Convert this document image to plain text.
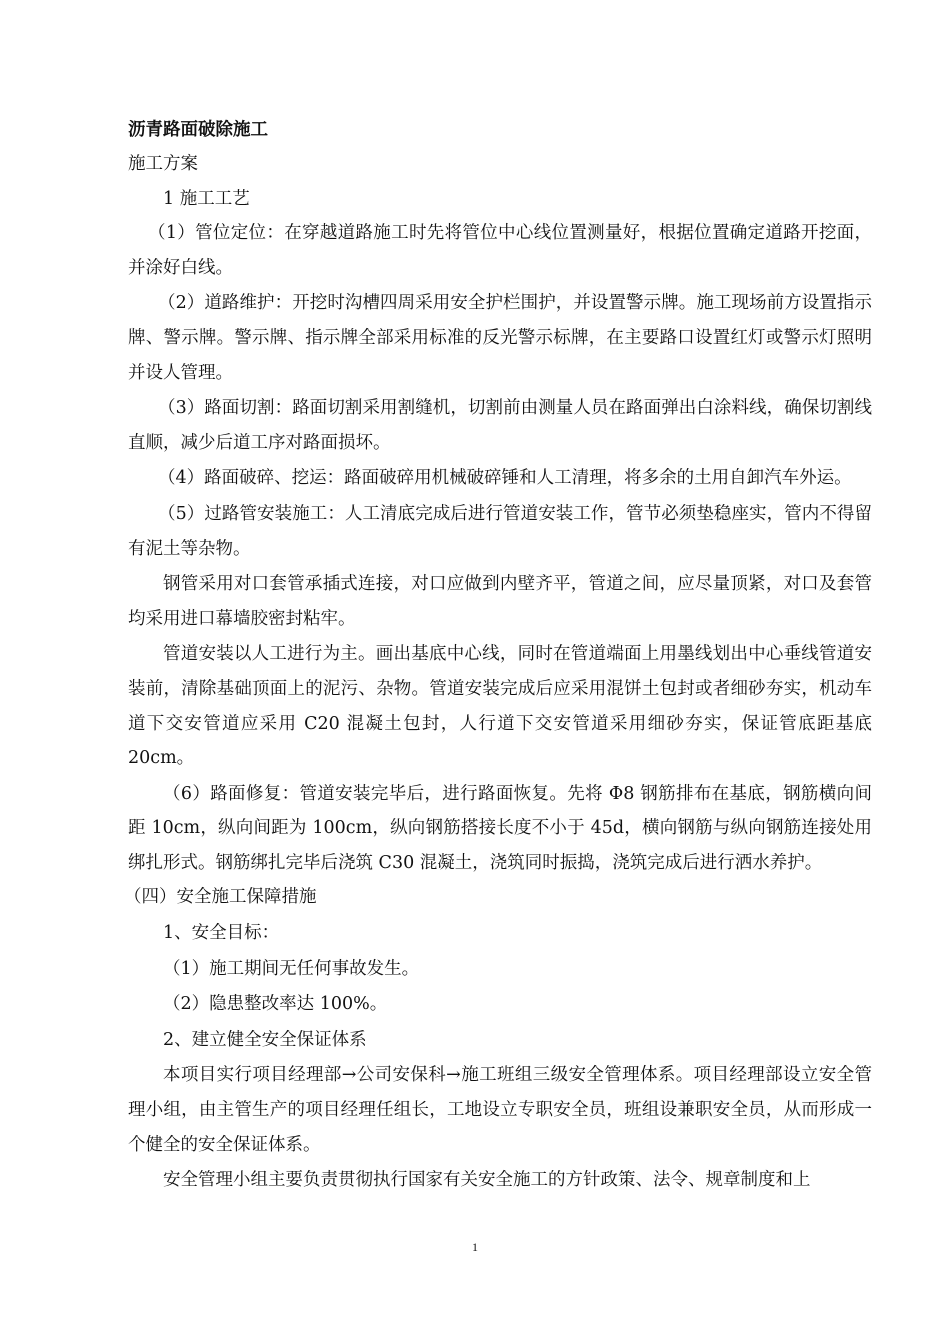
沥青路面破除施工

施工方案

1 施工工艺

（1）管位定位：在穿越道路施工时先将管位中心线位置测量好，根据位置确定道路开挖面，并涂好白线。

（2）道路维护：开挖时沟槽四周采用安全护栏围护，并设置警示牌。施工现场前方设置指示牌、警示牌。警示牌、指示牌全部采用标准的反光警示标牌，在主要路口设置红灯或警示灯照明并设人管理。

（3）路面切割：路面切割采用割缝机，切割前由测量人员在路面弹出白涂料线，确保切割线直顺，减少后道工序对路面损坏。

（4）路面破碎、挖运：路面破碎用机械破碎锤和人工清理，将多余的土用自卸汽车外运。

（5）过路管安装施工：人工清底完成后进行管道安装工作，管节必须垫稳座实，管内不得留有泥土等杂物。

钢管采用对口套管承插式连接，对口应做到内壁齐平，管道之间，应尽量顶紧，对口及套管均采用进口幕墙胶密封粘牢。

管道安装以人工进行为主。画出基底中心线，同时在管道端面上用墨线划出中心垂线管道安装前，清除基础顶面上的泥污、杂物。管道安装完成后应采用混饼土包封或者细砂夯实，机动车道下交安管道应采用 C20 混凝土包封，人行道下交安管道采用细砂夯实，保证管底距基底 20cm。

（6）路面修复：管道安装完毕后，进行路面恢复。先将 Φ8 钢筋排布在基底，钢筋横向间距 10cm，纵向间距为 100cm，纵向钢筋搭接长度不小于 45d，横向钢筋与纵向钢筋连接处用绑扎形式。钢筋绑扎完毕后浇筑 C30 混凝土，浇筑同时振捣，浇筑完成后进行洒水养护。

（四）安全施工保障措施

1、安全目标：

（1）施工期间无任何事故发生。

（2）隐患整改率达 100%。

2、建立健全安全保证体系

本项目实行项目经理部→公司安保科→施工班组三级安全管理体系。项目经理部设立安全管理小组，由主管生产的项目经理任组长，工地设立专职安全员，班组设兼职安全员，从而形成一个健全的安全保证体系。

安全管理小组主要负责贯彻执行国家有关安全施工的方针政策、法令、规章制度和上

1
